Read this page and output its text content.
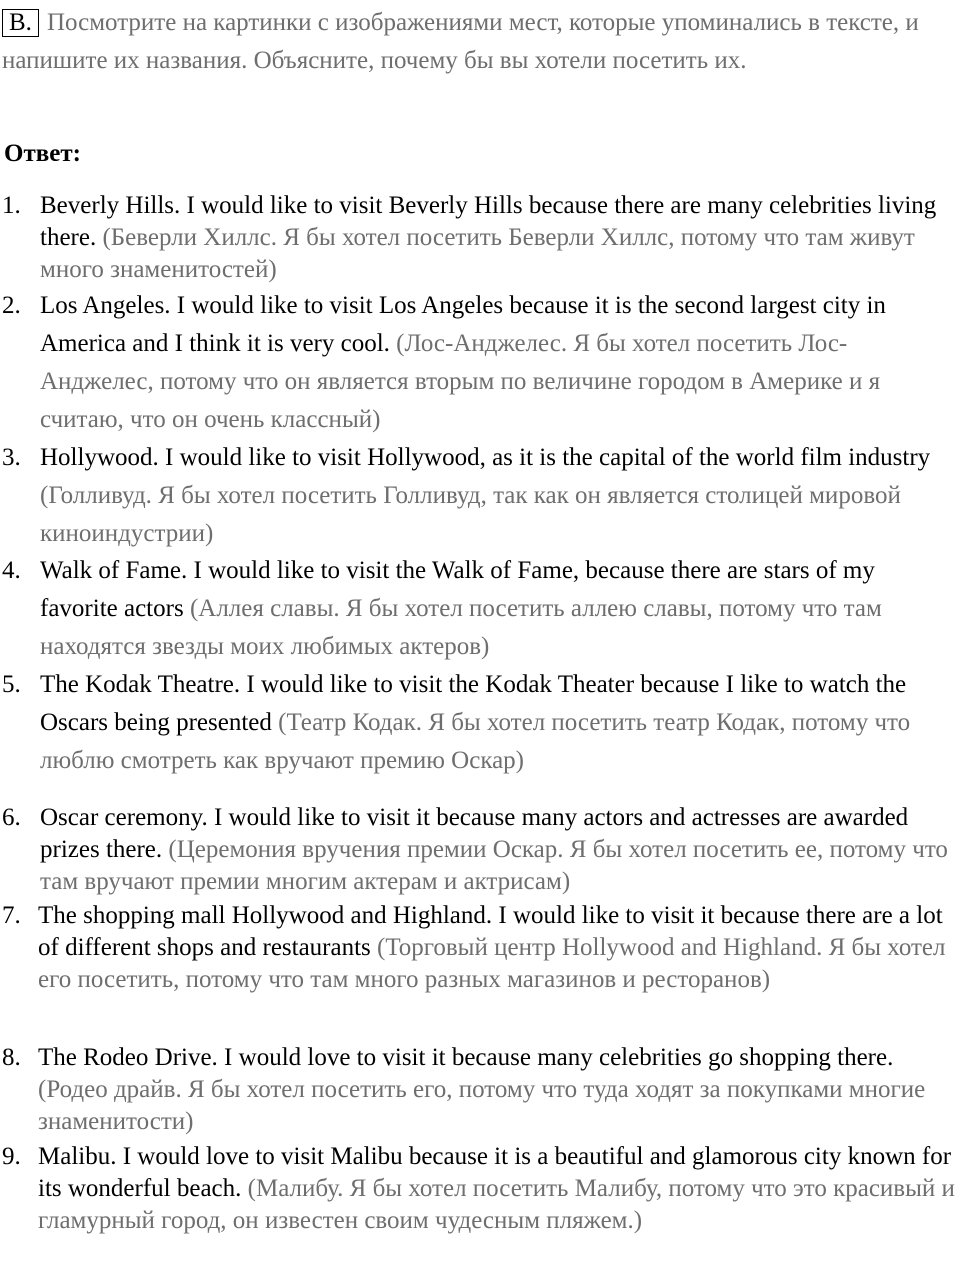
B. Посмотрите на картинки с изображениями мест, которые упоминались в тексте, и напишите их названия. Объясните, почему бы вы хотели посетить их.
Ответ:
1. Beverly Hills. I would like to visit Beverly Hills because there are many celebrities living there. (Беверли Хиллс. Я бы хотел посетить Беверли Хиллс, потому что там живут много знаменитостей)
2. Los Angeles. I would like to visit Los Angeles because it is the second largest city in America and I think it is very cool. (Лос-Анджелес. Я бы хотел посетить Лос-Анджелес, потому что он является вторым по величине городом в Америке и я считаю, что он очень классный)
3. Hollywood. I would like to visit Hollywood, as it is the capital of the world film industry (Голливуд. Я бы хотел посетить Голливуд, так как он является столицей мировой киноиндустрии)
4. Walk of Fame. I would like to visit the Walk of Fame, because there are stars of my favorite actors (Аллея славы. Я бы хотел посетить аллею славы, потому что там находятся звезды моих любимых актеров)
5. The Kodak Theatre. I would like to visit the Kodak Theater because I like to watch the Oscars being presented (Театр Кодак. Я бы хотел посетить театр Кодак, потому что люблю смотреть как вручают премию Оскар)
6. Oscar ceremony. I would like to visit it because many actors and actresses are awarded prizes there. (Церемония вручения премии Оскар. Я бы хотел посетить ее, потому что там вручают премии многим актерам и актрисам)
7. The shopping mall Hollywood and Highland. I would like to visit it because there are a lot of different shops and restaurants (Торговый центр Hollywood and Highland. Я бы хотел его посетить, потому что там много разных магазинов и ресторанов)
8. The Rodeo Drive. I would love to visit it because many celebrities go shopping there. (Родео драйв. Я бы хотел посетить его, потому что туда ходят за покупками многие знаменитости)
9. Malibu. I would love to visit Malibu because it is a beautiful and glamorous city known for its wonderful beach. (Малибу. Я бы хотел посетить Малибу, потому что это красивый и гламурный город, он известен своим чудесным пляжем.)
